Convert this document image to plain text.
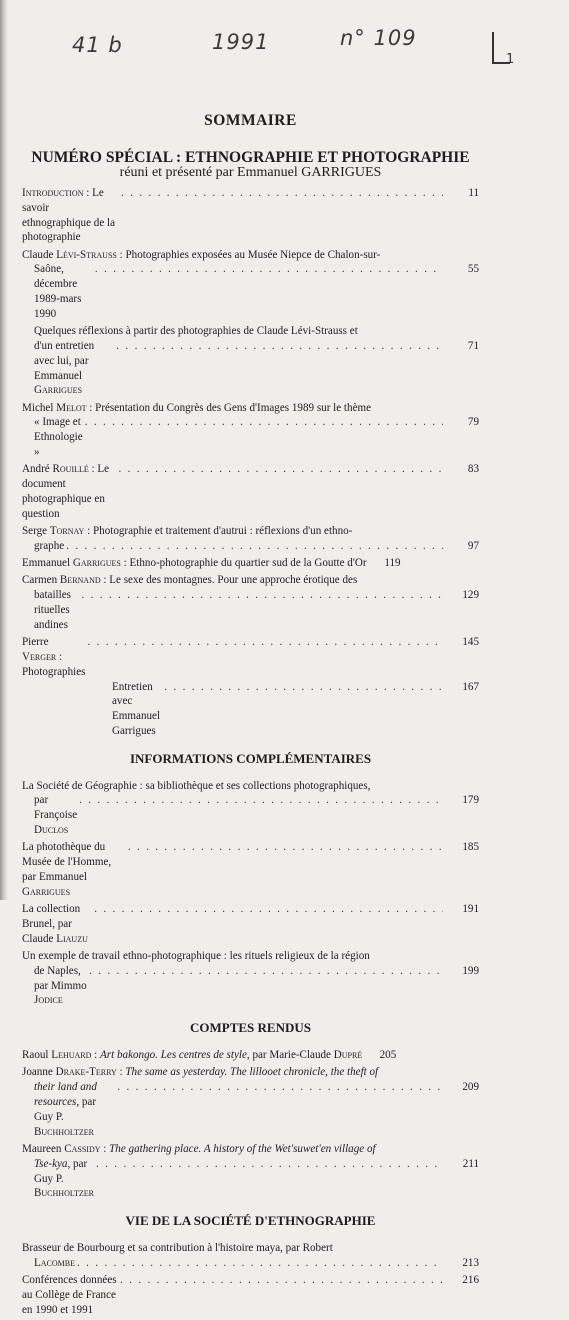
41 b	1991	n° 109
1
SOMMAIRE
NUMÉRO SPÉCIAL : ETHNOGRAPHIE ET PHOTOGRAPHIE
réuni et présenté par Emmanuel GARRIGUES
Introduction : Le savoir ethnographique de la photographie
. . .
11
Claude Lévi-Strauss : Photographies exposées au Musée Niepce de Chalon-sur-
Saône, décembre 1989-mars 1990
. . .
55
Quelques réflexions à partir des photographies de Claude Lévi-Strauss et
d'un entretien avec lui, par Emmanuel Garrigues
. . .
71
Michel Melot : Présentation du Congrès des Gens d'Images 1989 sur le thème
« Image et Ethnologie »
. . .
79
André Rouillé : Le document photographique en question
. . .
83
Serge Tornay : Photographie et traitement d'autrui : réflexions d'un ethno-
graphe . . .	97
Emmanuel Garrigues : Ethno-photographie du quartier sud de la Goutte d'Or	119
Carmen Bernand : Le sexe des montagnes. Pour une approche érotique des
batailles rituelles andines
. . .
129
Pierre Verger : Photographies
. . .
145
Entretien avec Emmanuel Garrigues
. . .
167
INFORMATIONS COMPLÉMENTAIRES
La Société de Géographie : sa bibliothèque et ses collections photographiques,
par Françoise Duclos
. . .
179
La photothèque du Musée de l'Homme, par Emmanuel Garrigues
. . .
185
La collection Brunel, par Claude Liauzu
. . .
191
Un exemple de travail ethno-photographique : les rituels religieux de la région
de Naples, par Mimmo Jodice
. . .
199
COMPTES RENDUS
Raoul Lehuard : Art bakongo. Les centres de style, par Marie-Claude Dupré	205
Joanne Drake-Terry : The same as yesterday. The lillooet chronicle, the theft of
their land and resources, par Guy P. Buchholtzer
. . .
209
Maureen Cassidy : The gathering place. A history of the Wet'suwet'en village of
Tse-kya, par Guy P. Buchholtzer
. . .
211
VIE DE LA SOCIÉTÉ D'ETHNOGRAPHIE
Brasseur de Bourbourg et sa contribution à l'histoire maya, par Robert
Lacombe . . .	213
Conférences données au Collège de France en 1990 et 1991
. . .
216
